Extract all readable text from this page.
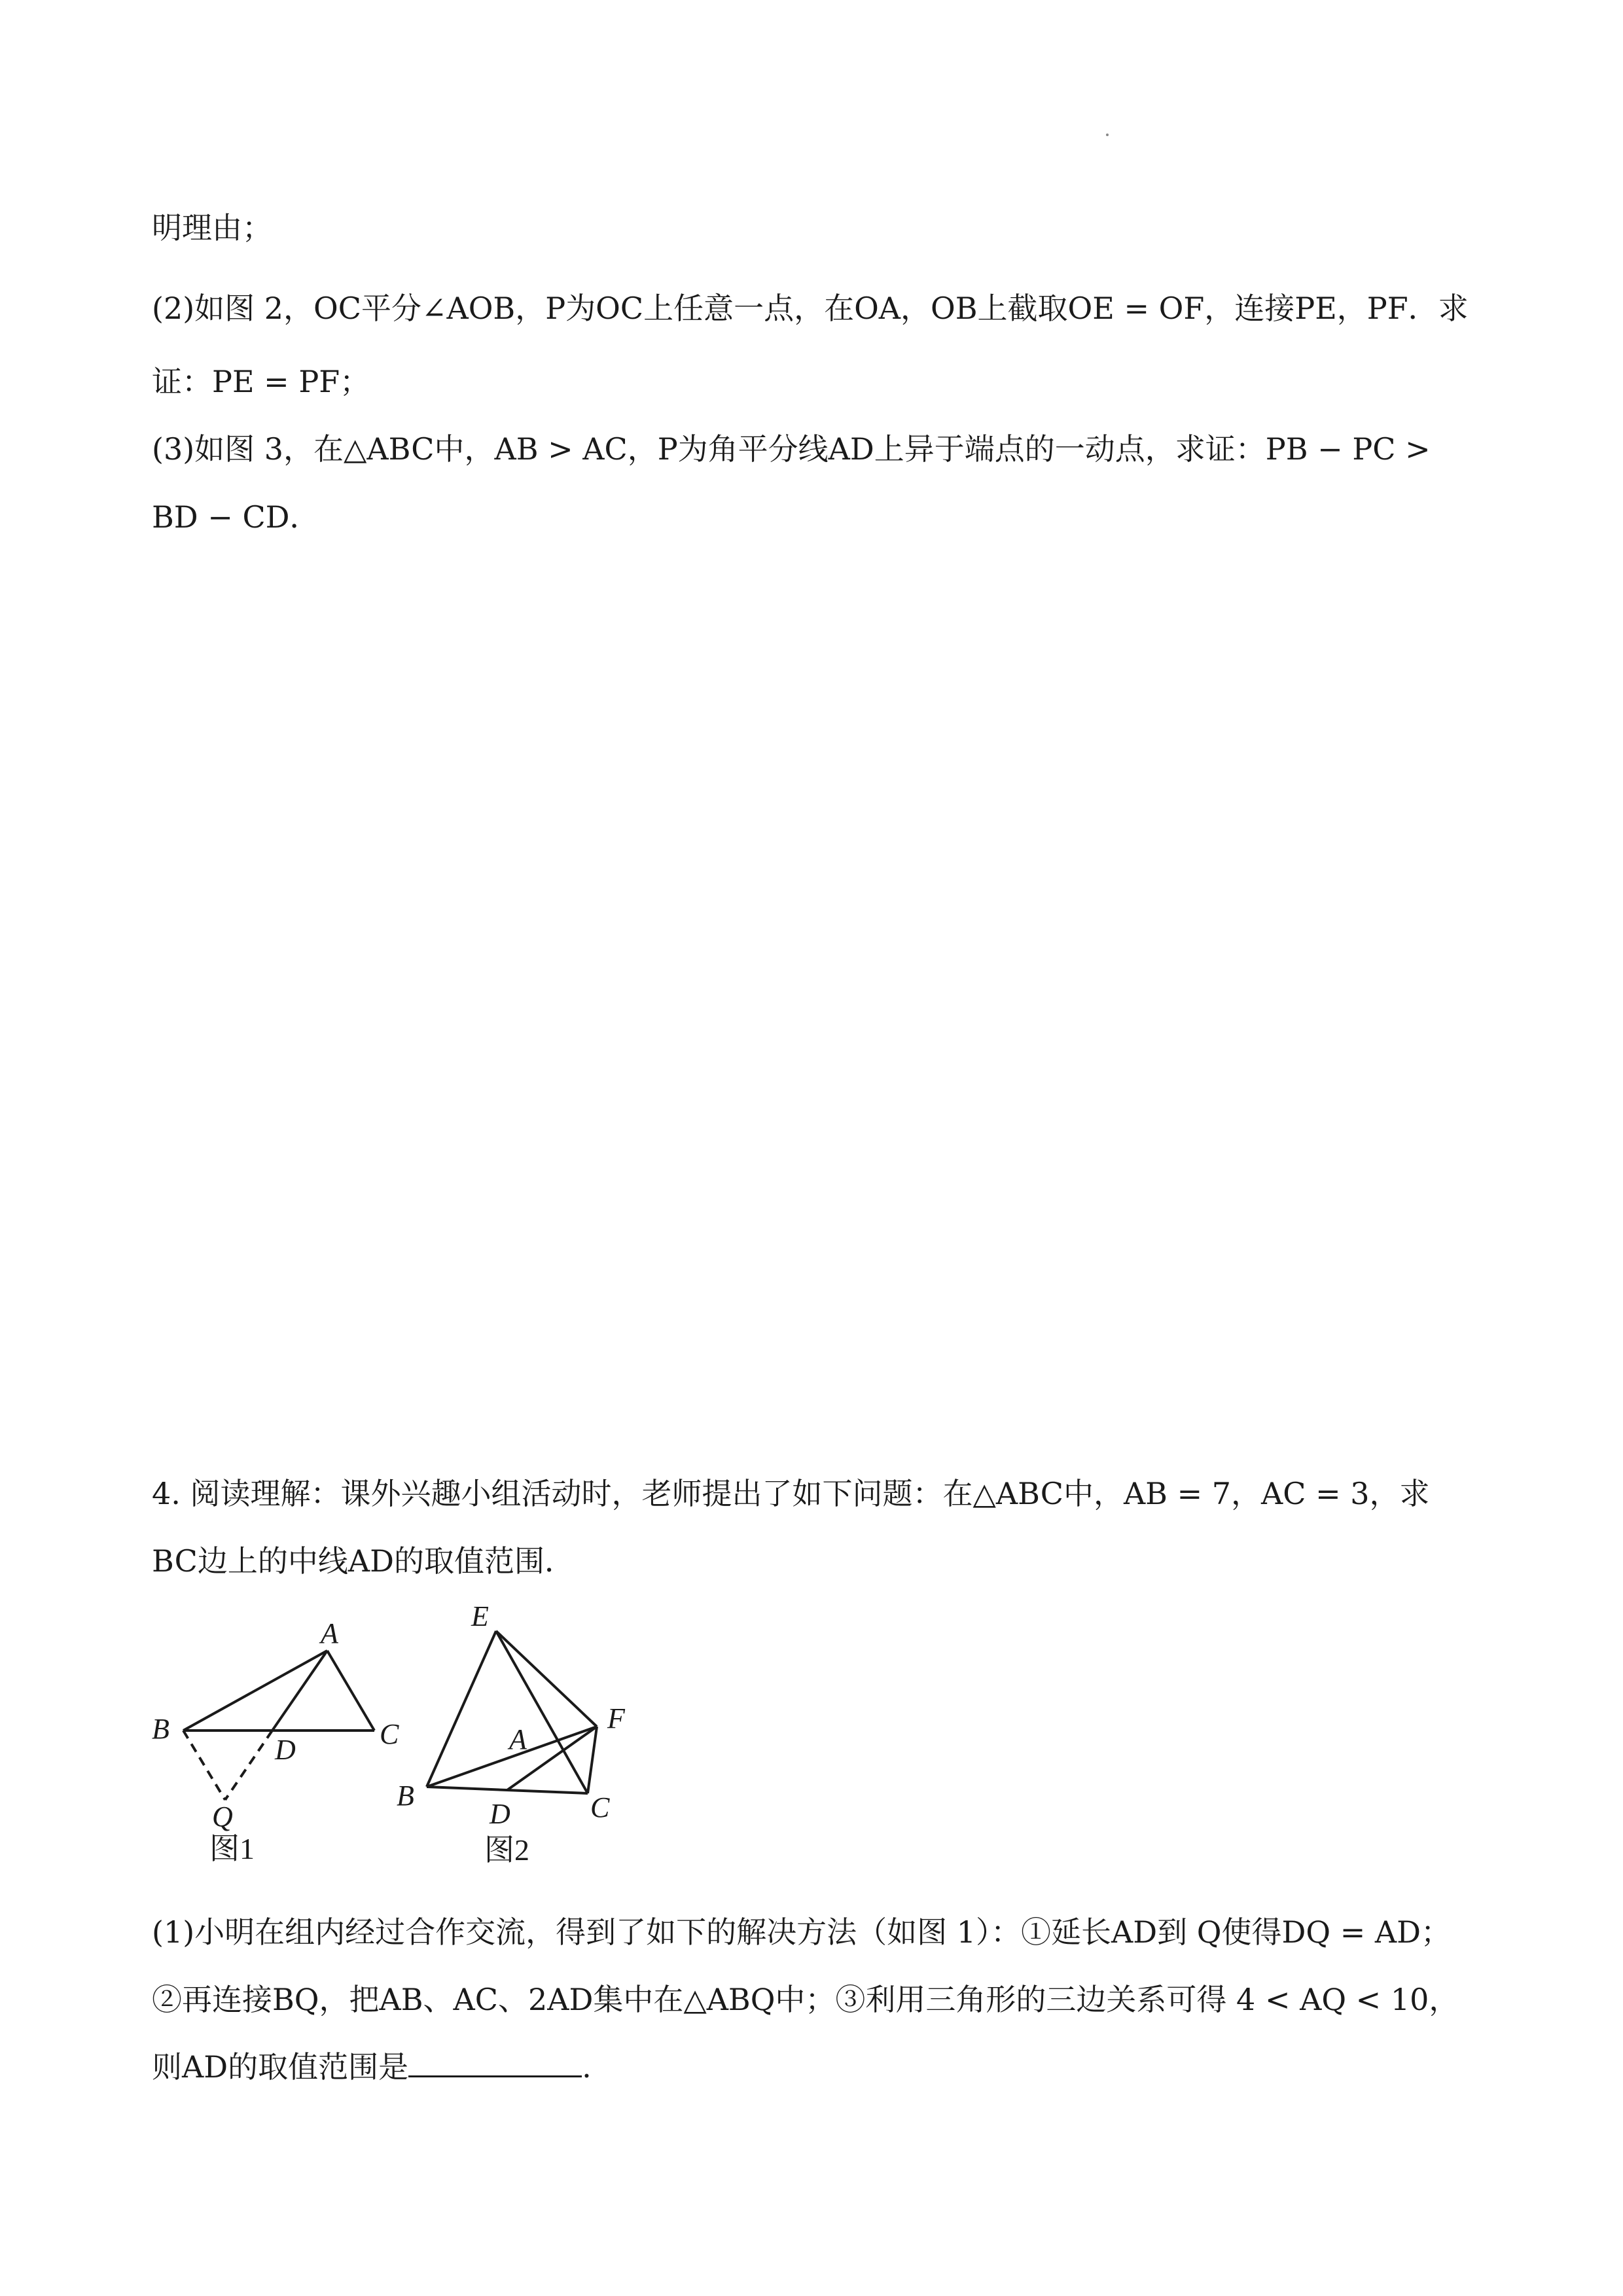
明理由；
(2)如图 2，OC平分∠AOB，P为OC上任意一点，在OA，OB上截取OE = OF，连接PE，PF．求
证：PE = PF；
(3)如图 3，在△ABC中，AB > AC，P为角平分线AD上异于端点的一动点，求证：PB − PC >
BD − CD．
4. 阅读理解：课外兴趣小组活动时，老师提出了如下问题：在△ABC中，AB = 7，AC = 3，求
BC边上的中线AD的取值范围．
A
B	C
D
Q
图1
E
F
A
B	C
D
图2
(1)小明在组内经过合作交流，得到了如下的解决方法（如图 1）：①延长AD到 Q使得DQ = AD；
②再连接BQ，把AB、AC、2AD集中在△ABQ中；③利用三角形的三边关系可得 4 < AQ < 10，
则AD的取值范围是	.
